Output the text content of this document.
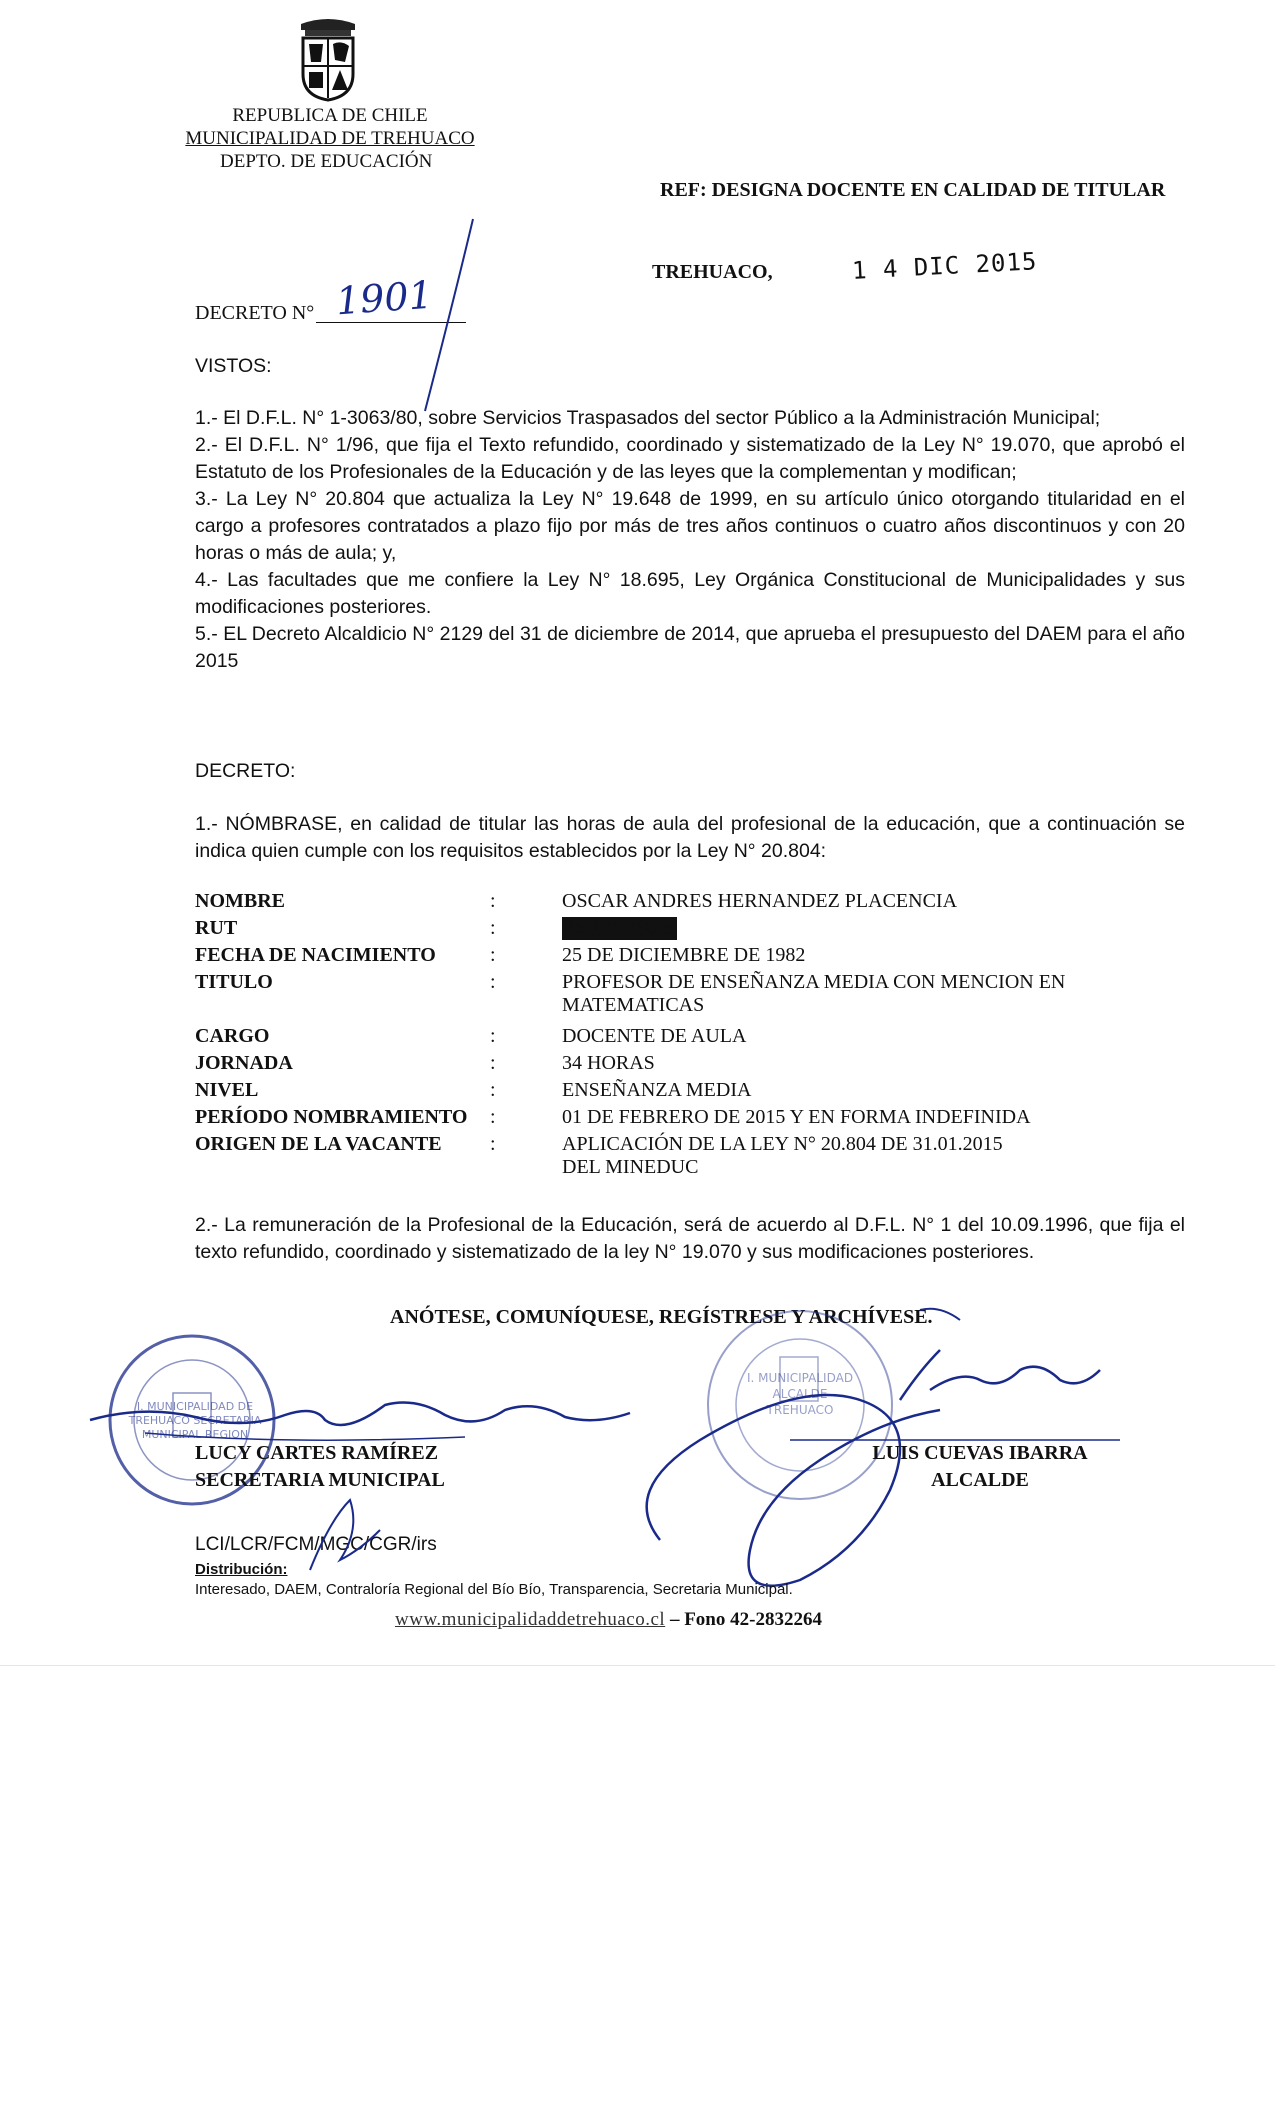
REPUBLICA DE CHILE
MUNICIPALIDAD DE TREHUACO
DEPTO. DE EDUCACIÓN
REF: DESIGNA DOCENTE EN CALIDAD DE TITULAR
TREHUACO,	1 4 DIC 2015
DECRETO N° 1901
VISTOS:
1.- El D.F.L. N° 1-3063/80, sobre Servicios Traspasados del sector Público a la Administración Municipal;
2.- El D.F.L. N° 1/96, que fija el Texto refundido, coordinado y sistematizado de la Ley N° 19.070, que aprobó el Estatuto de los Profesionales de la Educación y de las leyes que la complementan y modifican;
3.- La Ley N° 20.804 que actualiza la Ley N° 19.648 de 1999, en su artículo único otorgando titularidad en el cargo a profesores contratados a plazo fijo por más de tres años continuos o cuatro años discontinuos y con 20 horas o más de aula; y,
4.- Las facultades que me confiere la Ley N° 18.695, Ley Orgánica Constitucional de Municipalidades y sus modificaciones posteriores.
5.- EL Decreto Alcaldicio N° 2129 del 31 de diciembre de 2014, que aprueba el presupuesto del DAEM para el año 2015
DECRETO:
1.- NÓMBRASE, en calidad de titular las horas de aula del profesional de la educación, que a continuación se indica quien cumple con los requisitos establecidos por la Ley N° 20.804:
NOMBRE	:	OSCAR ANDRES HERNANDEZ PLACENCIA
RUT	:	15.171.788-8
FECHA DE NACIMIENTO	:	25 DE DICIEMBRE DE 1982
TITULO	:	PROFESOR DE ENSEÑANZA MEDIA CON MENCION EN
MATEMATICAS
CARGO	:	DOCENTE DE AULA
JORNADA	:	34 HORAS
NIVEL	:	ENSEÑANZA MEDIA
PERÍODO NOMBRAMIENTO :	01 DE FEBRERO DE 2015 Y EN FORMA INDEFINIDA
ORIGEN DE LA VACANTE :	APLICACIÓN DE LA LEY N° 20.804 DE 31.01.2015
DEL MINEDUC
2.- La remuneración de la Profesional de la Educación, será de acuerdo al D.F.L. N° 1 del 10.09.1996, que fija el texto refundido, coordinado y sistematizado de la ley N° 19.070 y sus modificaciones posteriores.
ANÓTESE, COMUNÍQUESE, REGÍSTRESE Y ARCHÍVESE.
I. MUNICIPALIDAD DE TREHUACO SECRETARIA MUNICIPAL REGION
I. MUNICIPALIDAD ALCALDE TREHUACO
LUCY CARTES RAMÍREZ
SECRETARIA MUNICIPAL
LUIS CUEVAS IBARRA
ALCALDE
LCI/LCR/FCM/MGC/CGR/irs
Distribución:
Interesado, DAEM, Contraloría Regional del Bío Bío, Transparencia, Secretaria Municipal.
www.municipalidaddetrehuaco.cl – Fono 42-2832264
